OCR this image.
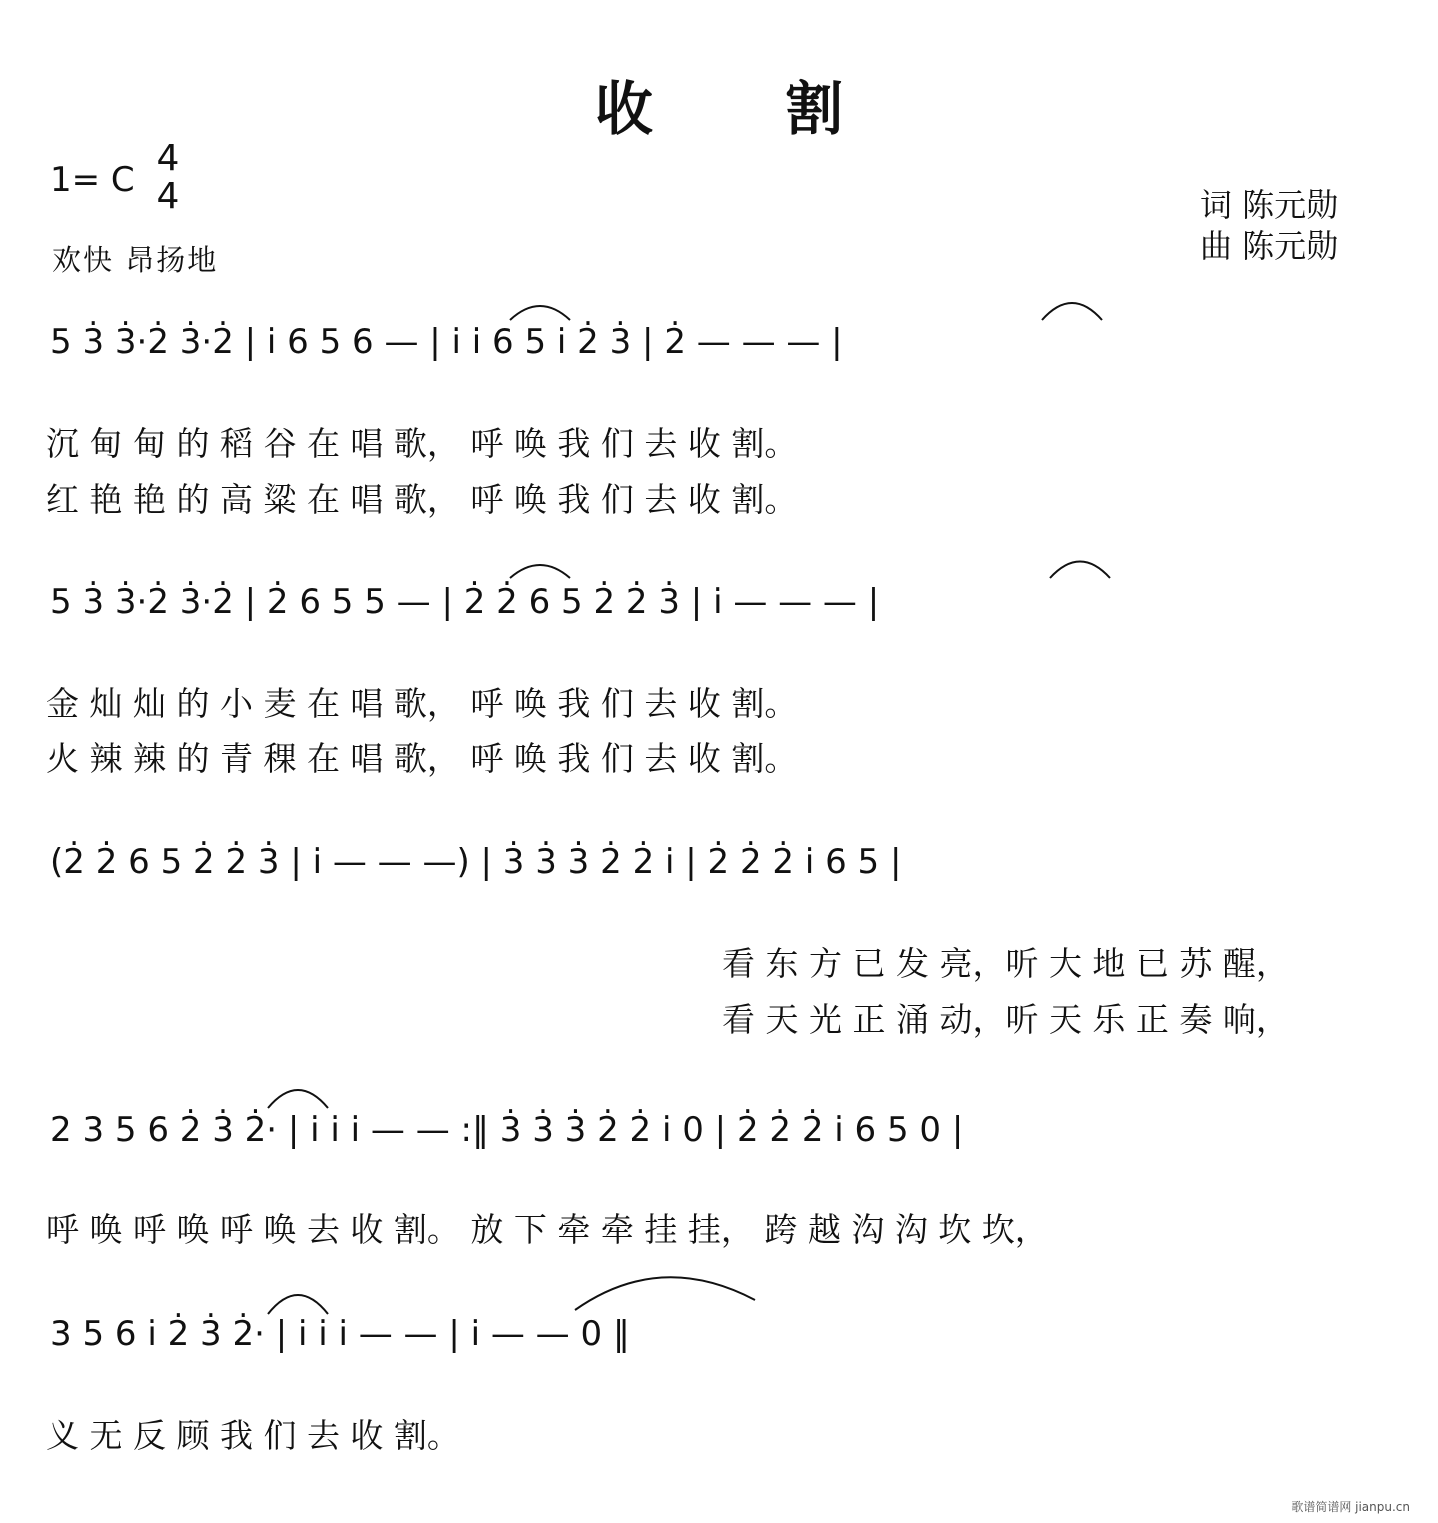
收 割
1= C
4
4
欢快 昂扬地
词 陈元勋
曲 陈元勋
5 3̇ 3̇·2̇ 3̇·2̇ | i̇ 6 5 6 — | i̇ i̇ 6 5 i̇ 2̇ 3̇ | 2̇ — — — |
沉 甸 甸 的 稻 谷 在 唱 歌， 呼 唤 我 们 去 收 割。
红 艳 艳 的 高 粱 在 唱 歌， 呼 唤 我 们 去 收 割。
5 3̇ 3̇·2̇ 3̇·2̇ | 2̇ 6 5 5 — | 2̇ 2̇ 6 5 2̇ 2̇ 3̇ | i̇ — — — |
金 灿 灿 的 小 麦 在 唱 歌， 呼 唤 我 们 去 收 割。
火 辣 辣 的 青 稞 在 唱 歌， 呼 唤 我 们 去 收 割。
(2̇ 2̇ 6 5 2̇ 2̇ 3̇ | i̇ — — —) | 3̇ 3̇ 3̇ 2̇ 2̇ i̇ | 2̇ 2̇ 2̇ i̇ 6 5 |
看 东 方 已 发 亮，听 大 地 已 苏 醒，
看 天 光 正 涌 动，听 天 乐 正 奏 响，
2 3 5 6 2̇ 3̇ 2̇· | i̇ i̇ i̇ — — :‖ 3̇ 3̇ 3̇ 2̇ 2̇ i̇ 0 | 2̇ 2̇ 2̇ i̇ 6 5 0 |
呼 唤 呼 唤 呼 唤 去 收 割。 放 下 牵 牵 挂 挂， 跨 越 沟 沟 坎 坎，
3 5 6 i̇ 2̇ 3̇ 2̇· | i̇ i̇ i̇ — — | i̇ — — 0 ‖
义 无 反 顾 我 们 去 收 割。
歌谱简谱网 jianpu.cn
